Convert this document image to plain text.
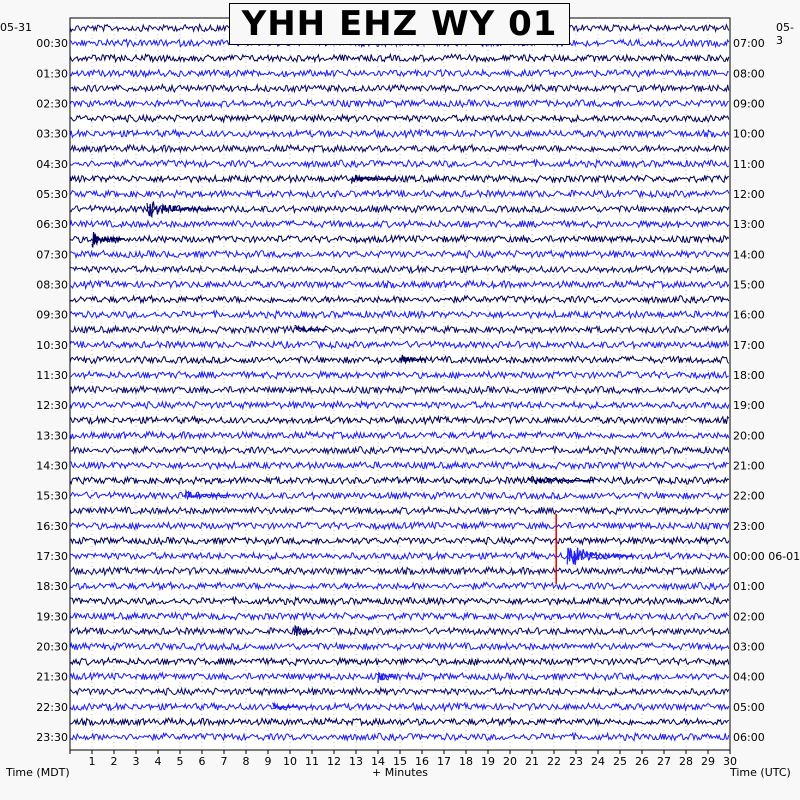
1 2 3 4 5 6 7 8 9 10 11 12 13 14 15 16 17 18 19 20 21 22 23 24 25 26 27 28 29 30
00:30
01:30
02:30
03:30
04:30
05:30
06:30
07:30
08:30
09:30
10:30
11:30
12:30
13:30
14:30
15:30
16:30
17:30
18:30
19:30
20:30
21:30
22:30
23:30
07:00
08:00
09:00
10:00
11:00
12:00
13:00
14:00
15:00
16:00
17:00
18:00
19:00
20:00
21:00
22:00
23:00
00:00 06-01
01:00
02:00
03:00
04:00
05:00
06:00
YHH EHZ WY 01
05-31	05-3
Time (MDT)	+ Minutes	Time (UTC)
